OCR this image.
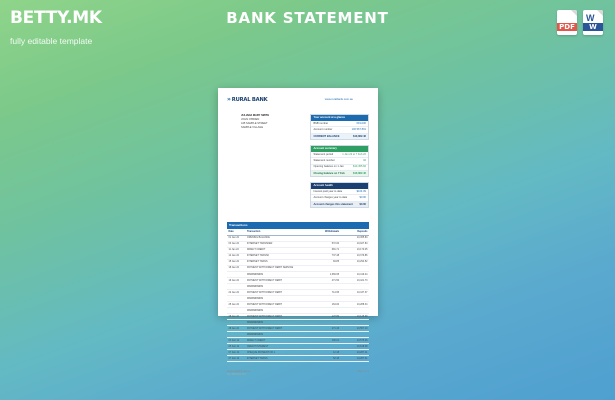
BETTY.MK
fully editable template
BANK STATEMENT	PDF
W
W
» RURAL BANK	www.ruralbank.com.au
JULIANA MARY SMITH
JOHN O'BRIEN
445 SAMPLE STREET
SAMPLE VILLAGE
Your account at a glance
BSB number	633-000
Account number	100 567 891
CURRENT BALANCE	$10,862.46
Account summary
Statement period	1 Jan 22 to 7 Feb 22
Statement number	32
Opening balance on 1 Jan	$10,455.84
Closing balance on 7 Feb	$10,862.46
Account health
Interest paid year to date	$104.09
Account charges year to date	$0.00
Account charges this statement	$0.00
Transactions
Date	Transaction	Withdrawals	Deposits
01 Jan 22	OPENING BALANCE		10,455.84
03 Jan 22	INTERNET TRANSFER	572.00	10,027.84
11 Jan 22	DIRECT CREDIT	681.71	10,170.45
14 Jan 22	INTERNET TRANSF	737.48	10,379.86
15 Jan 22	INTERNET TRANS	84.85	10,294.52
18 Jan 22	PAYMENT WITH DIRECT DEBIT SERVICE		
	999999999999	1,669.95	10,419.44
19 Jan 22	PAYMENT WITH DIRECT DEBIT	471.50	10,421.73
	999999999999		
22 Jan 22	PAYMENT WITH DIRECT DEBIT	714.95	10,437.37
	999999999999		
25 Jan 22	PAYMENT WITH DIRECT DEBIT	164.00	10,288.34
	999999999999		
28 Jan 22	PAYMENT WITH DIRECT DEBIT	127.80	10,146.99
	999999999999		
28 Jan 22	PAYMENT WITH DIRECT DEBIT	271.46	10,557.10
	999999999999		
03 Feb 22	DIRECT CREDIT	190.01	10,575.09
05 Feb 22	CREDIT INTEREST		10,618.38
07 Feb 22	CHEQUE PAYMENT NO 1	12.48	10,287.41
07 Feb 22	INTERNET TRANS	52.48	10,287.41
www.ruralbank.com.au
Fax 1800 641 144
Page 1 of 2
